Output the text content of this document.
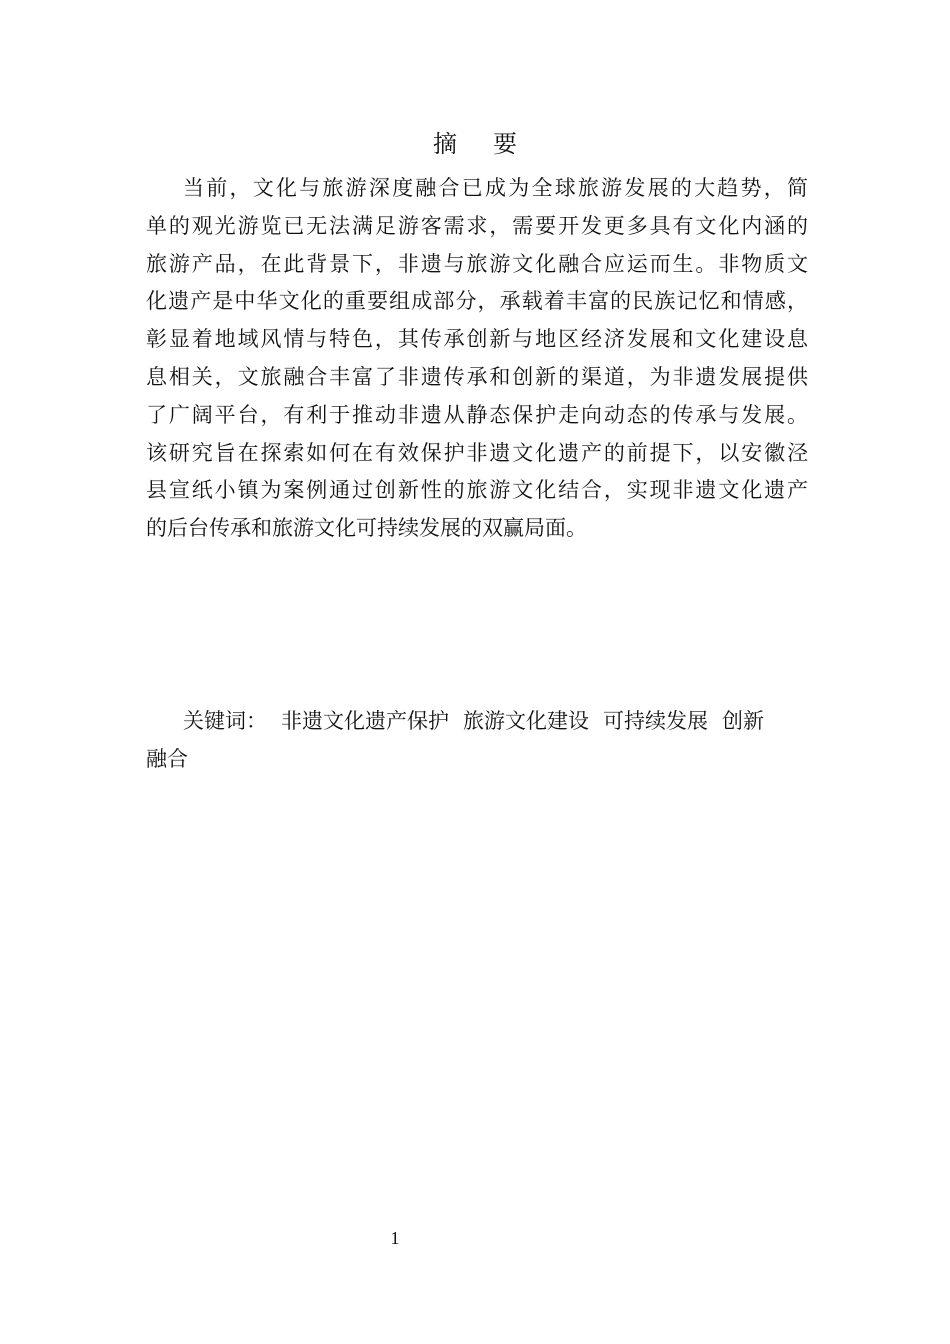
摘要
当前，文化与旅游深度融合已成为全球旅游发展的大趋势，简
单的观光游览已无法满足游客需求，需要开发更多具有文化内涵的
旅游产品，在此背景下，非遗与旅游文化融合应运而生。非物质文
化遗产是中华文化的重要组成部分，承载着丰富的民族记忆和情感，
彰显着地域风情与特色，其传承创新与地区经济发展和文化建设息
息相关，文旅融合丰富了非遗传承和创新的渠道，为非遗发展提供
了广阔平台，有利于推动非遗从静态保护走向动态的传承与发展。
该研究旨在探索如何在有效保护非遗文化遗产的前提下，以安徽泾
县宣纸小镇为案例通过创新性的旅游文化结合，实现非遗文化遗产
的后台传承和旅游文化可持续发展的双赢局面。
关键词： 非遗文化遗产保护 旅游文化建设 可持续发展 创新
融合
1
